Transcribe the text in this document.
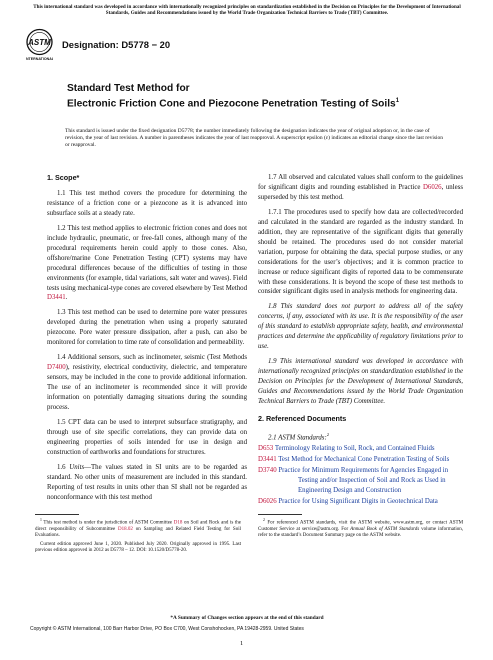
This international standard was developed in accordance with internationally recognized principles on standardization established in the Decision on Principles for the Development of International Standards, Guides and Recommendations issued by the World Trade Organization Technical Barriers to Trade (TBT) Committee.
ASTM
INTERNATIONAL
Designation: D5778 − 20
Standard Test Method for
Electronic Friction Cone and Piezocone Penetration Testing of Soils$^1$
This standard is issued under the fixed designation D5778; the number immediately following the designation indicates the year of original adoption or, in the case of revision, the year of last revision. A number in parentheses indicates the year of last reapproval. A superscript epsilon (ε) indicates an editorial change since the last revision or reapproval.
1. Scope*

1.1 This test method covers the procedure for determining the resistance of a friction cone or a piezocone as it is advanced into subsurface soils at a steady rate.

1.2 This test method applies to electronic friction cones and does not include hydraulic, pneumatic, or free-fall cones, although many of the procedural requirements herein could apply to those cones. Also, offshore/marine Cone Penetration Testing (CPT) systems may have procedural differences because of the difficulties of testing in those environments (for example, tidal variations, salt water and waves). Field tests using mechanical-type cones are covered elsewhere by Test Method D3441.

1.3 This test method can be used to determine pore water pressures developed during the penetration when using a properly saturated piezocone. Pore water pressure dissipation, after a push, can also be monitored for correlation to time rate of consolidation and permeability.

1.4 Additional sensors, such as inclinometer, seismic (Test Methods D7400), resistivity, electrical conductivity, dielectric, and temperature sensors, may be included in the cone to provide additional information. The use of an inclinometer is recommended since it will provide information on potentially damaging situations during the sounding process.

1.5 CPT data can be used to interpret subsurface stratigraphy, and through use of site specific correlations, they can provide data on engineering properties of soils intended for use in design and construction of earthworks and foundations for structures.

1.6 Units—The values stated in SI units are to be regarded as standard. No other units of measurement are included in this standard. Reporting of test results in units other than SI shall not be regarded as nonconformance with this test method

1.7 All observed and calculated values shall conform to the guidelines for significant digits and rounding established in Practice D6026, unless superseded by this test method.

1.7.1 The procedures used to specify how data are collected/recorded and calculated in the standard are regarded as the industry standard. In addition, they are representative of the significant digits that generally should be retained. The procedures used do not consider material variation, purpose for obtaining the data, special purpose studies, or any considerations for the user’s objectives; and it is common practice to increase or reduce significant digits of reported data to be commensurate with these considerations. It is beyond the scope of these test methods to consider significant digits used in analysis methods for engineering data.

1.8 This standard does not purport to address all of the safety concerns, if any, associated with its use. It is the responsibility of the user of this standard to establish appropriate safety, health, and environmental practices and determine the applicability of regulatory limitations prior to use.

1.9 This international standard was developed in accordance with internationally recognized principles on standardization established in the Decision on Principles for the Development of International Standards, Guides and Recommendations issued by the World Trade Organization Technical Barriers to Trade (TBT) Committee.

2. Referenced Documents

2.1 ASTM Standards:$^2$

D653 Terminology Relating to Soil, Rock, and Contained Fluids
D3441 Test Method for Mechanical Cone Penetration Testing of Soils
D3740 Practice for Minimum Requirements for Agencies Engaged in Testing and/or Inspection of Soil and Rock as Used in Engineering Design and Construction
D6026 Practice for Using Significant Digits in Geotechnical Data

$^1$ This test method is under the jurisdiction of ASTM Committee D18 on Soil and Rock and is the direct responsibility of Subcommittee D18.02 on Sampling and Related Field Testing for Soil Evaluations.

Current edition approved June 1, 2020. Published July 2020. Originally approved in 1995. Last previous edition approved in 2012 as D5778 – 12. DOI: 10.1520/D5778-20.

$^2$ For referenced ASTM standards, visit the ASTM website, www.astm.org, or contact ASTM Customer Service at service@astm.org. For Annual Book of ASTM Standards volume information, refer to the standard’s Document Summary page on the ASTM website.

*A Summary of Changes section appears at the end of this standard
Copyright © ASTM International, 100 Barr Harbor Drive, PO Box C700, West Conshohocken, PA 19428-2959. United States
1
